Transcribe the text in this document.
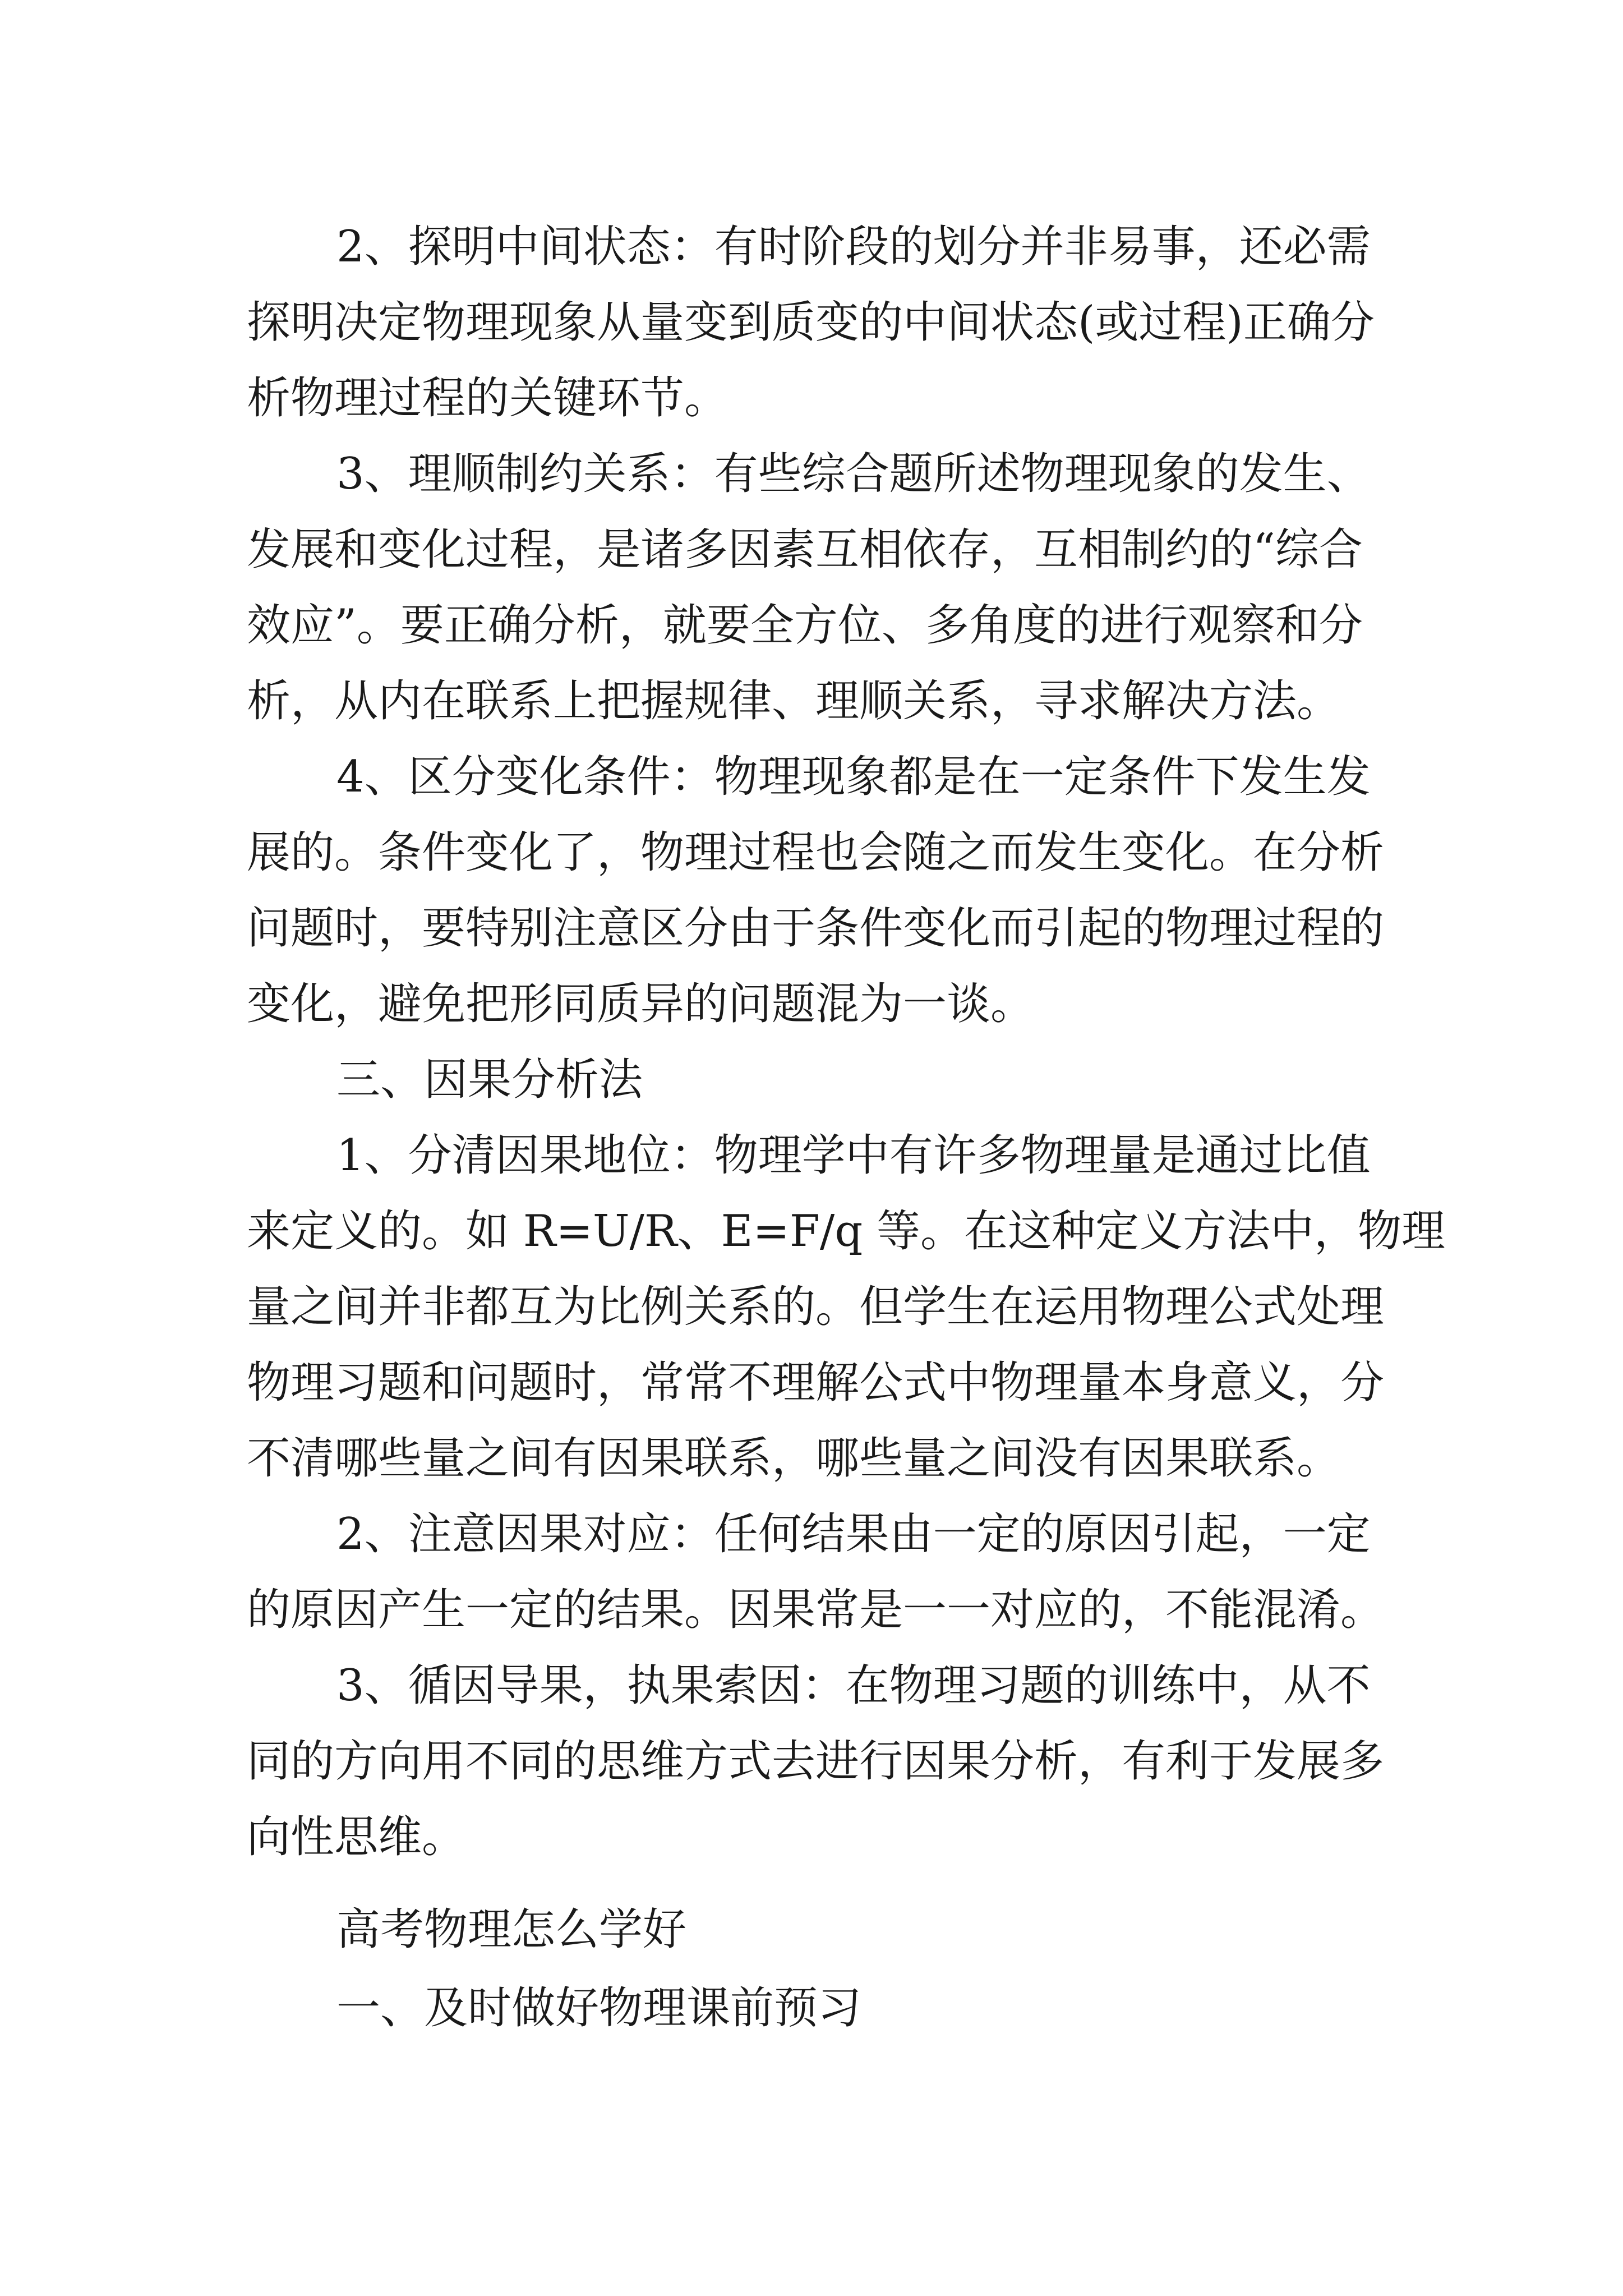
2、探明中间状态：有时阶段的划分并非易事，还必需
探明决定物理现象从量变到质变的中间状态(或过程)正确分
析物理过程的关键环节。
3、理顺制约关系：有些综合题所述物理现象的发生、
发展和变化过程，是诸多因素互相依存，互相制约的“综合
效应”。要正确分析，就要全方位、多角度的进行观察和分
析，从内在联系上把握规律、理顺关系，寻求解决方法。
4、区分变化条件：物理现象都是在一定条件下发生发
展的。条件变化了，物理过程也会随之而发生变化。在分析
问题时，要特别注意区分由于条件变化而引起的物理过程的
变化，避免把形同质异的问题混为一谈。
三、因果分析法
1、分清因果地位：物理学中有许多物理量是通过比值
来定义的。如 R=U/R、E=F/q 等。在这种定义方法中，物理
量之间并非都互为比例关系的。但学生在运用物理公式处理
物理习题和问题时，常常不理解公式中物理量本身意义，分
不清哪些量之间有因果联系，哪些量之间没有因果联系。
2、注意因果对应：任何结果由一定的原因引起，一定
的原因产生一定的结果。因果常是一一对应的，不能混淆。
3、循因导果，执果索因：在物理习题的训练中，从不
同的方向用不同的思维方式去进行因果分析，有利于发展多
向性思维。
高考物理怎么学好
一、及时做好物理课前预习
